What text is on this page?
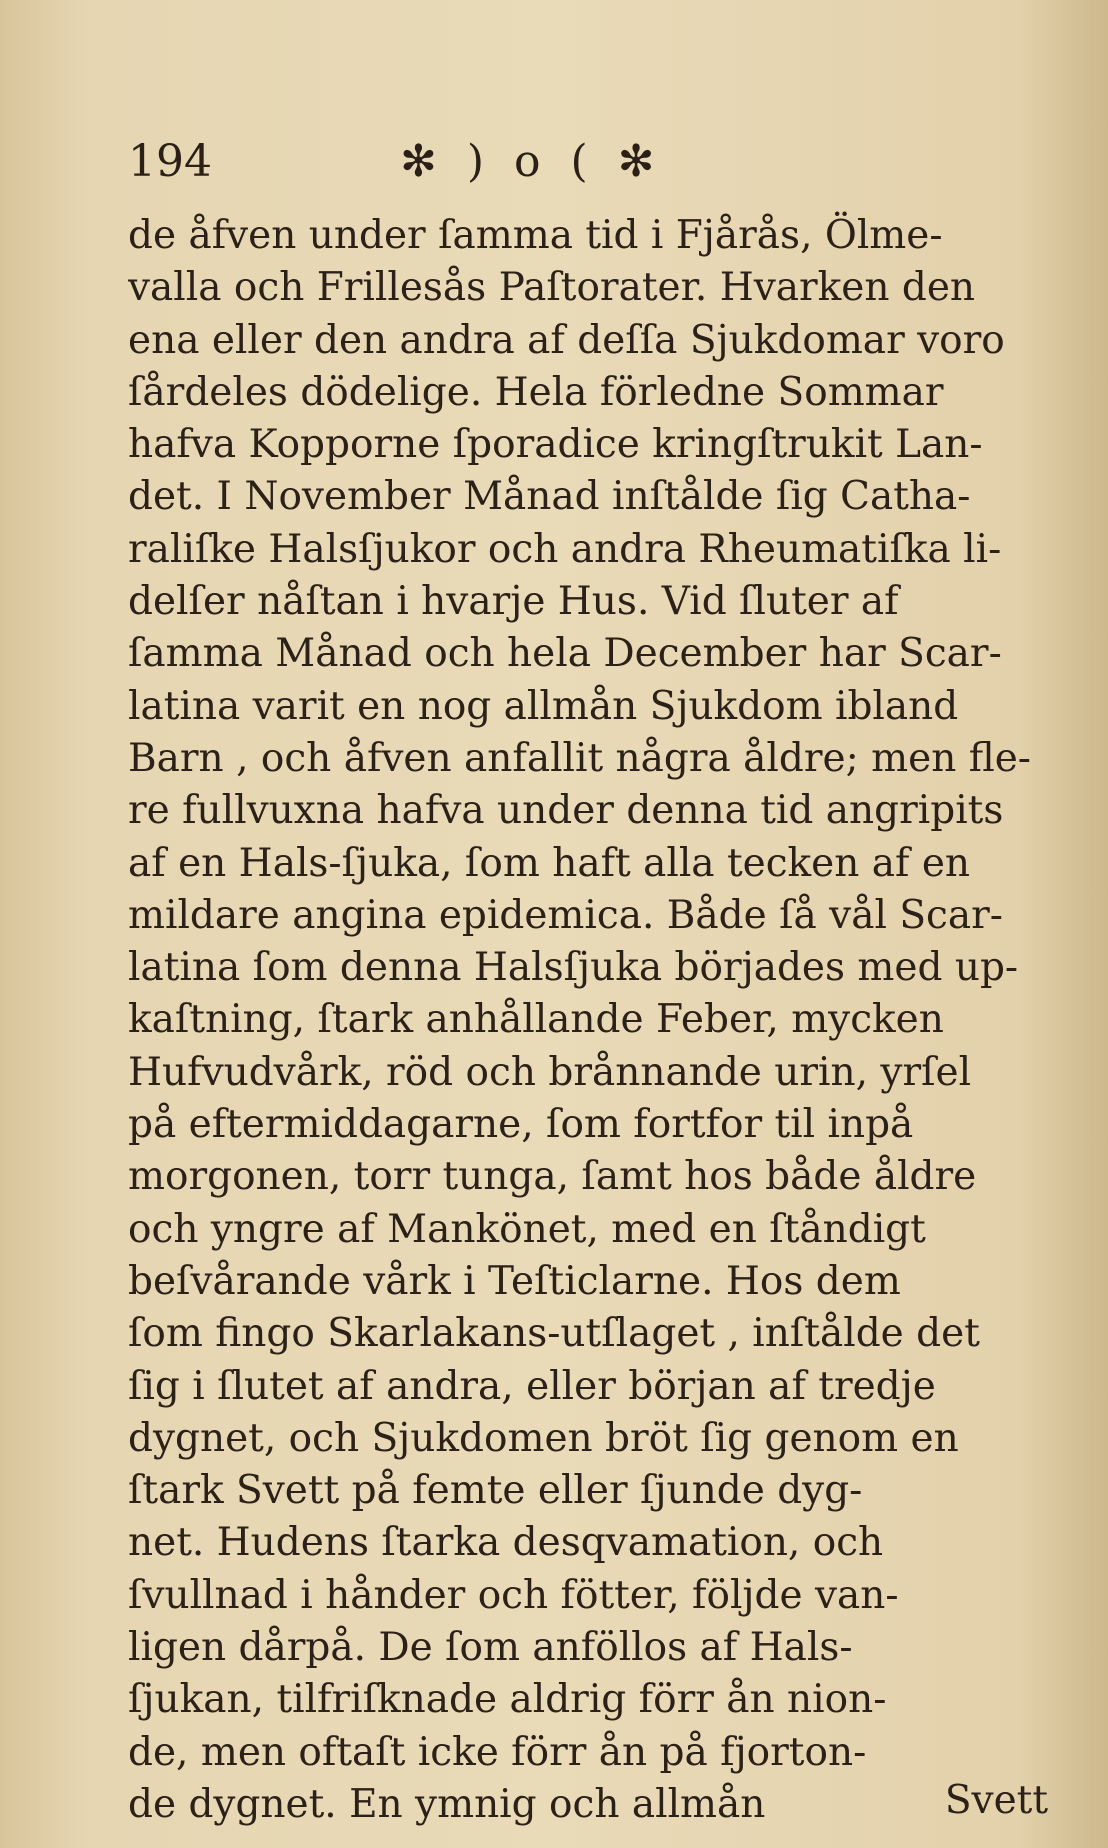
194	✻ ) o ( ✻
de åfven under ſamma tid i Fjårås, Ölme-
valla och Frillesås Paſtorater. Hvarken den
ena eller den andra af deſſa Sjukdomar voro
ſårdeles dödelige. Hela förledne Sommar
hafva Kopporne ſporadice kringſtrukit Lan-
det. I November Månad inſtålde ſig Catha-
raliſke Halsſjukor och andra Rheumatiſka li-
delſer nåſtan i hvarje Hus. Vid ſluter af
ſamma Månad och hela December har Scar-
latina varit en nog allmån Sjukdom ibland
Barn , och åfven anfallit några åldre; men fle-
re fullvuxna hafva under denna tid angripits
af en Hals-ſjuka, ſom haft alla tecken af en
mildare angina epidemica. Både ſå vål Scar-
latina ſom denna Halsſjuka börjades med up-
kaſtning, ſtark anhållande Feber, mycken
Hufvudvårk, röd och brånnande urin, yrſel
på eftermiddagarne, ſom fortfor til inpå
morgonen, torr tunga, ſamt hos både åldre
och yngre af Mankönet, med en ſtåndigt
beſvårande vårk i Teſticlarne. Hos dem
ſom fingo Skarlakans-utſlaget , inſtålde det
ſig i ſlutet af andra, eller början af tredje
dygnet, och Sjukdomen bröt ſig genom en
ſtark Svett på femte eller ſjunde dyg-
net. Hudens ſtarka desqvamation, och
ſvullnad i hånder och fötter, följde van-
ligen dårpå. De ſom anföllos af Hals-
ſjukan, tilfriſknade aldrig förr ån nion-
de, men oftaſt icke förr ån på fjorton-
de dygnet. En ymnig och allmån	Svett
